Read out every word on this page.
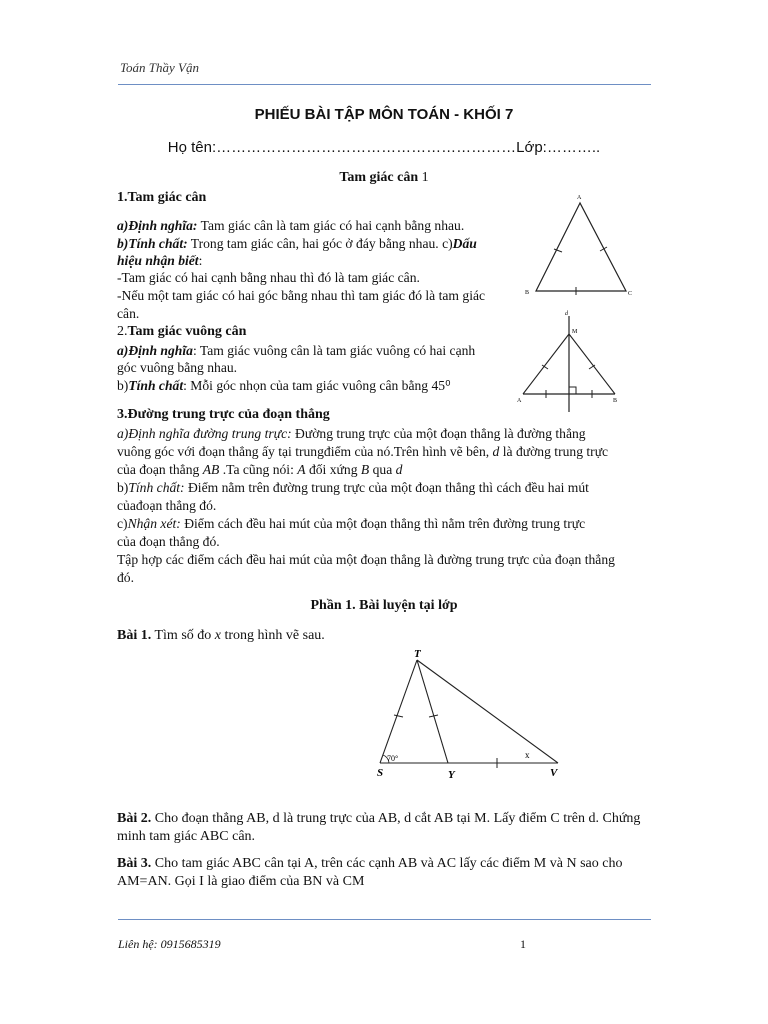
Toán Thầy Vận
PHIẾU BÀI TẬP MÔN TOÁN - KHỐI 7
Họ tên:……………………………………………………Lớp:………..
Tam giác cân 1
1.Tam giác cân
a)Định nghĩa: Tam giác cân là tam giác có hai cạnh bằng nhau.
b)Tính chất: Trong tam giác cân, hai góc ở đáy bằng nhau. c)Dấu
hiệu nhận biết:
-Tam giác có hai cạnh bằng nhau thì đó là tam giác cân.
-Nếu một tam giác có hai góc bằng nhau thì tam giác đó là tam giác
cân.
2.Tam giác vuông cân
a)Định nghĩa: Tam giác vuông cân là tam giác vuông có hai cạnh
góc vuông bằng nhau.
b)Tính chất: Mỗi góc nhọn của tam giác vuông cân bằng 45⁰
3.Đường trung trực của đoạn thẳng
a)Định nghĩa đường trung trực: Đường trung trực của một đoạn thẳng là đường thẳng
vuông góc với đoạn thẳng ấy tại trungđiểm của nó.Trên hình vẽ bên, d là đường trung trực
của đoạn thẳng AB .Ta cũng nói: A đối xứng B qua d
b)Tính chất: Điểm nằm trên đường trung trực của một đoạn thẳng thì cách đều hai mút
củađoạn thẳng đó.
c)Nhận xét: Điểm cách đều hai mút của một đoạn thẳng thì nằm trên đường trung trực
của đoạn thẳng đó.
Tập hợp các điểm cách đều hai mút của một đoạn thẳng là đường trung trực của đoạn thẳng
đó.
Phần 1. Bài luyện tại lớp
Bài 1. Tìm số đo x trong hình vẽ sau.
Bài 2. Cho đoạn thẳng AB, d là trung trực của AB, d cắt AB tại M. Lấy điểm C trên d. Chứng
minh tam giác ABC cân.
Bài 3. Cho tam giác ABC cân tại A, trên các cạnh AB và AC lấy các điểm M và N sao cho
AM=AN. Gọi I là giao điểm của BN và CM
A
B	C
d
M
A	B
T
S	Y	V
70°	x
Liên hệ: 0915685319	1
